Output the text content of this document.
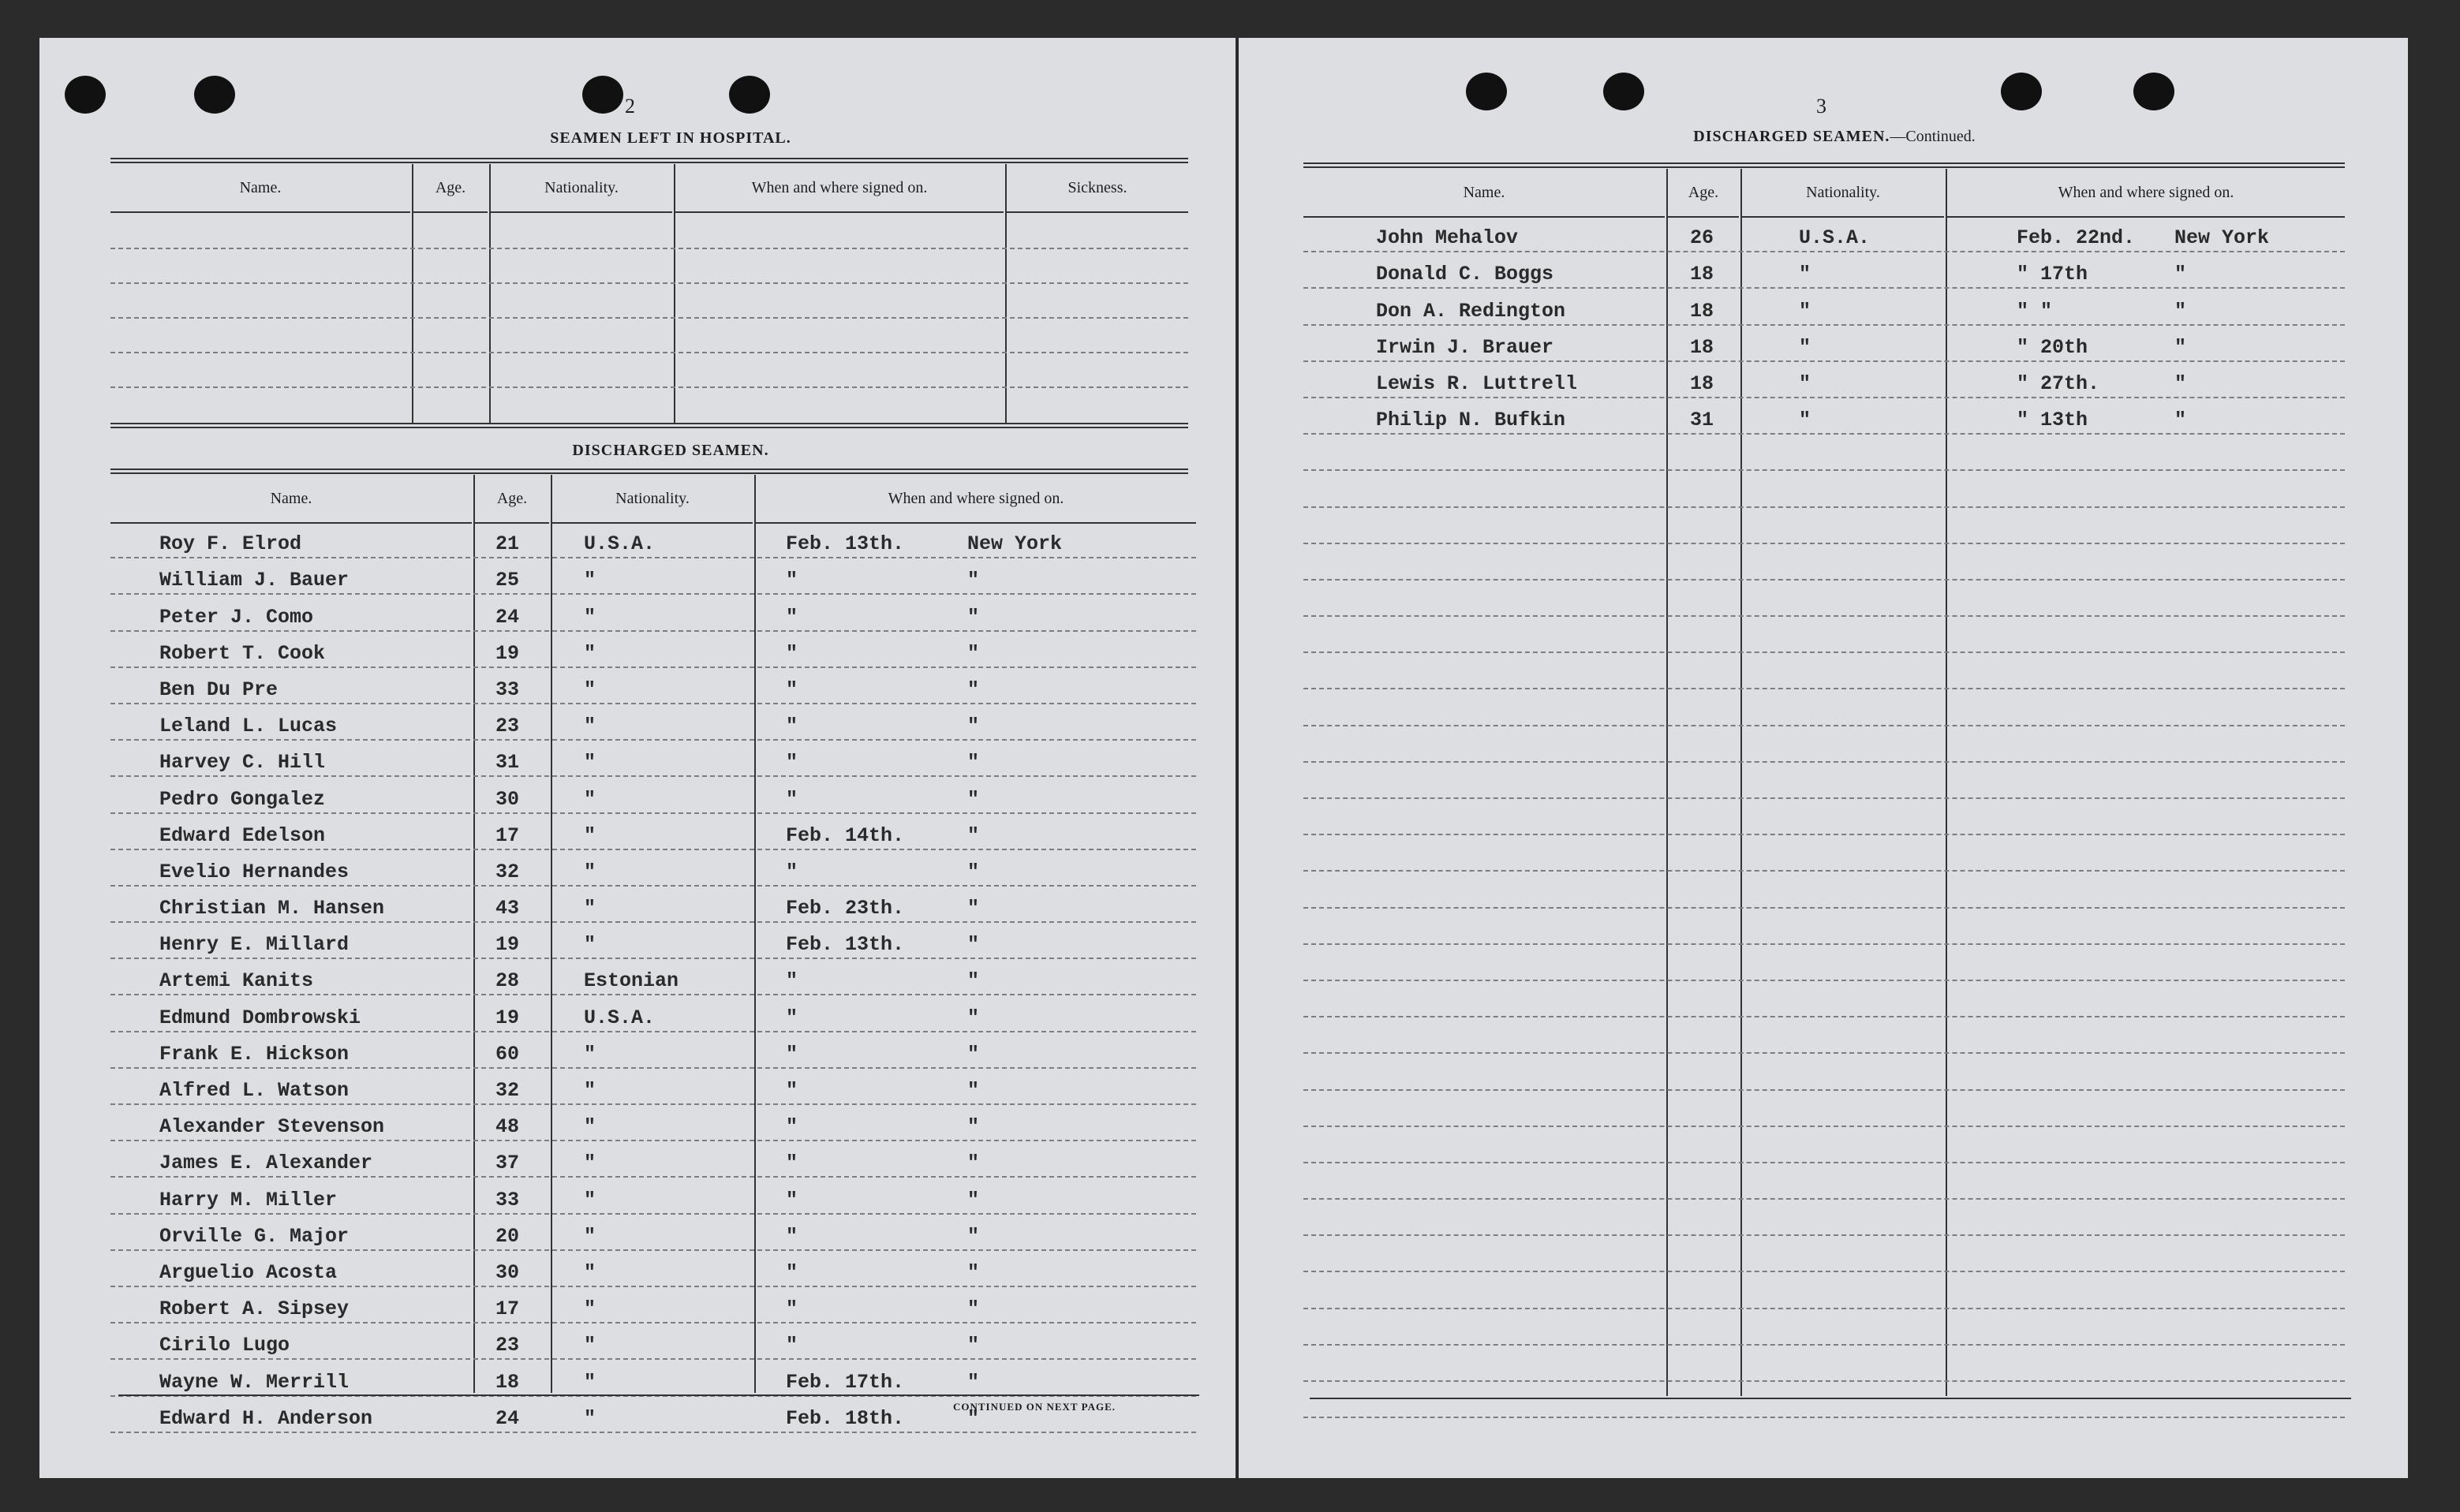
2
SEAMEN LEFT IN HOSPITAL.
Name.	Age.	Nationality.	When and where signed on.	Sickness.
DISCHARGED SEAMEN.
Name.	Age.	Nationality.	When and where signed on.
Roy F. Elrod	21	U.S.A.	Feb. 13th.	New York
William J. Bauer	25	"	"	"
Peter J. Como	24	"	"	"
Robert T. Cook	19	"	"	"
Ben Du Pre	33	"	"	"
Leland L. Lucas	23	"	"	"
Harvey C. Hill	31	"	"	"
Pedro Gongalez	30	"	"	"
Edward Edelson	17	"	Feb. 14th.	"
Evelio Hernandes	32	"	"	"
Christian M. Hansen	43	"	Feb. 23th.	"
Henry E. Millard	19	"	Feb. 13th.	"
Artemi Kanits	28	Estonian	"	"
Edmund Dombrowski	19	U.S.A.	"	"
Frank E. Hickson	60	"	"	"
Alfred L. Watson	32	"	"	"
Alexander Stevenson	48	"	"	"
James E. Alexander	37	"	"	"
Harry M. Miller	33	"	"	"
Orville G. Major	20	"	"	"
Arguelio Acosta	30	"	"	"
Robert A. Sipsey	17	"	"	"
Cirilo Lugo	23	"	"	"
Wayne W. Merrill	18	"	Feb. 17th.	"
Edward H. Anderson	24	"	Feb. 18th.	"
CONTINUED ON NEXT PAGE.
3
DISCHARGED SEAMEN.—Continued.
Name.	Age.	Nationality.	When and where signed on.
John Mehalov	26	U.S.A.	Feb. 22nd. New York
Donald C. Boggs	18	"	" 17th	"
Don A. Redington	18	"	" "	"
Irwin J. Brauer	18	"	" 20th	"
Lewis R. Luttrell	18	"	" 27th.	"
Philip N. Bufkin	31	"	" 13th	"
